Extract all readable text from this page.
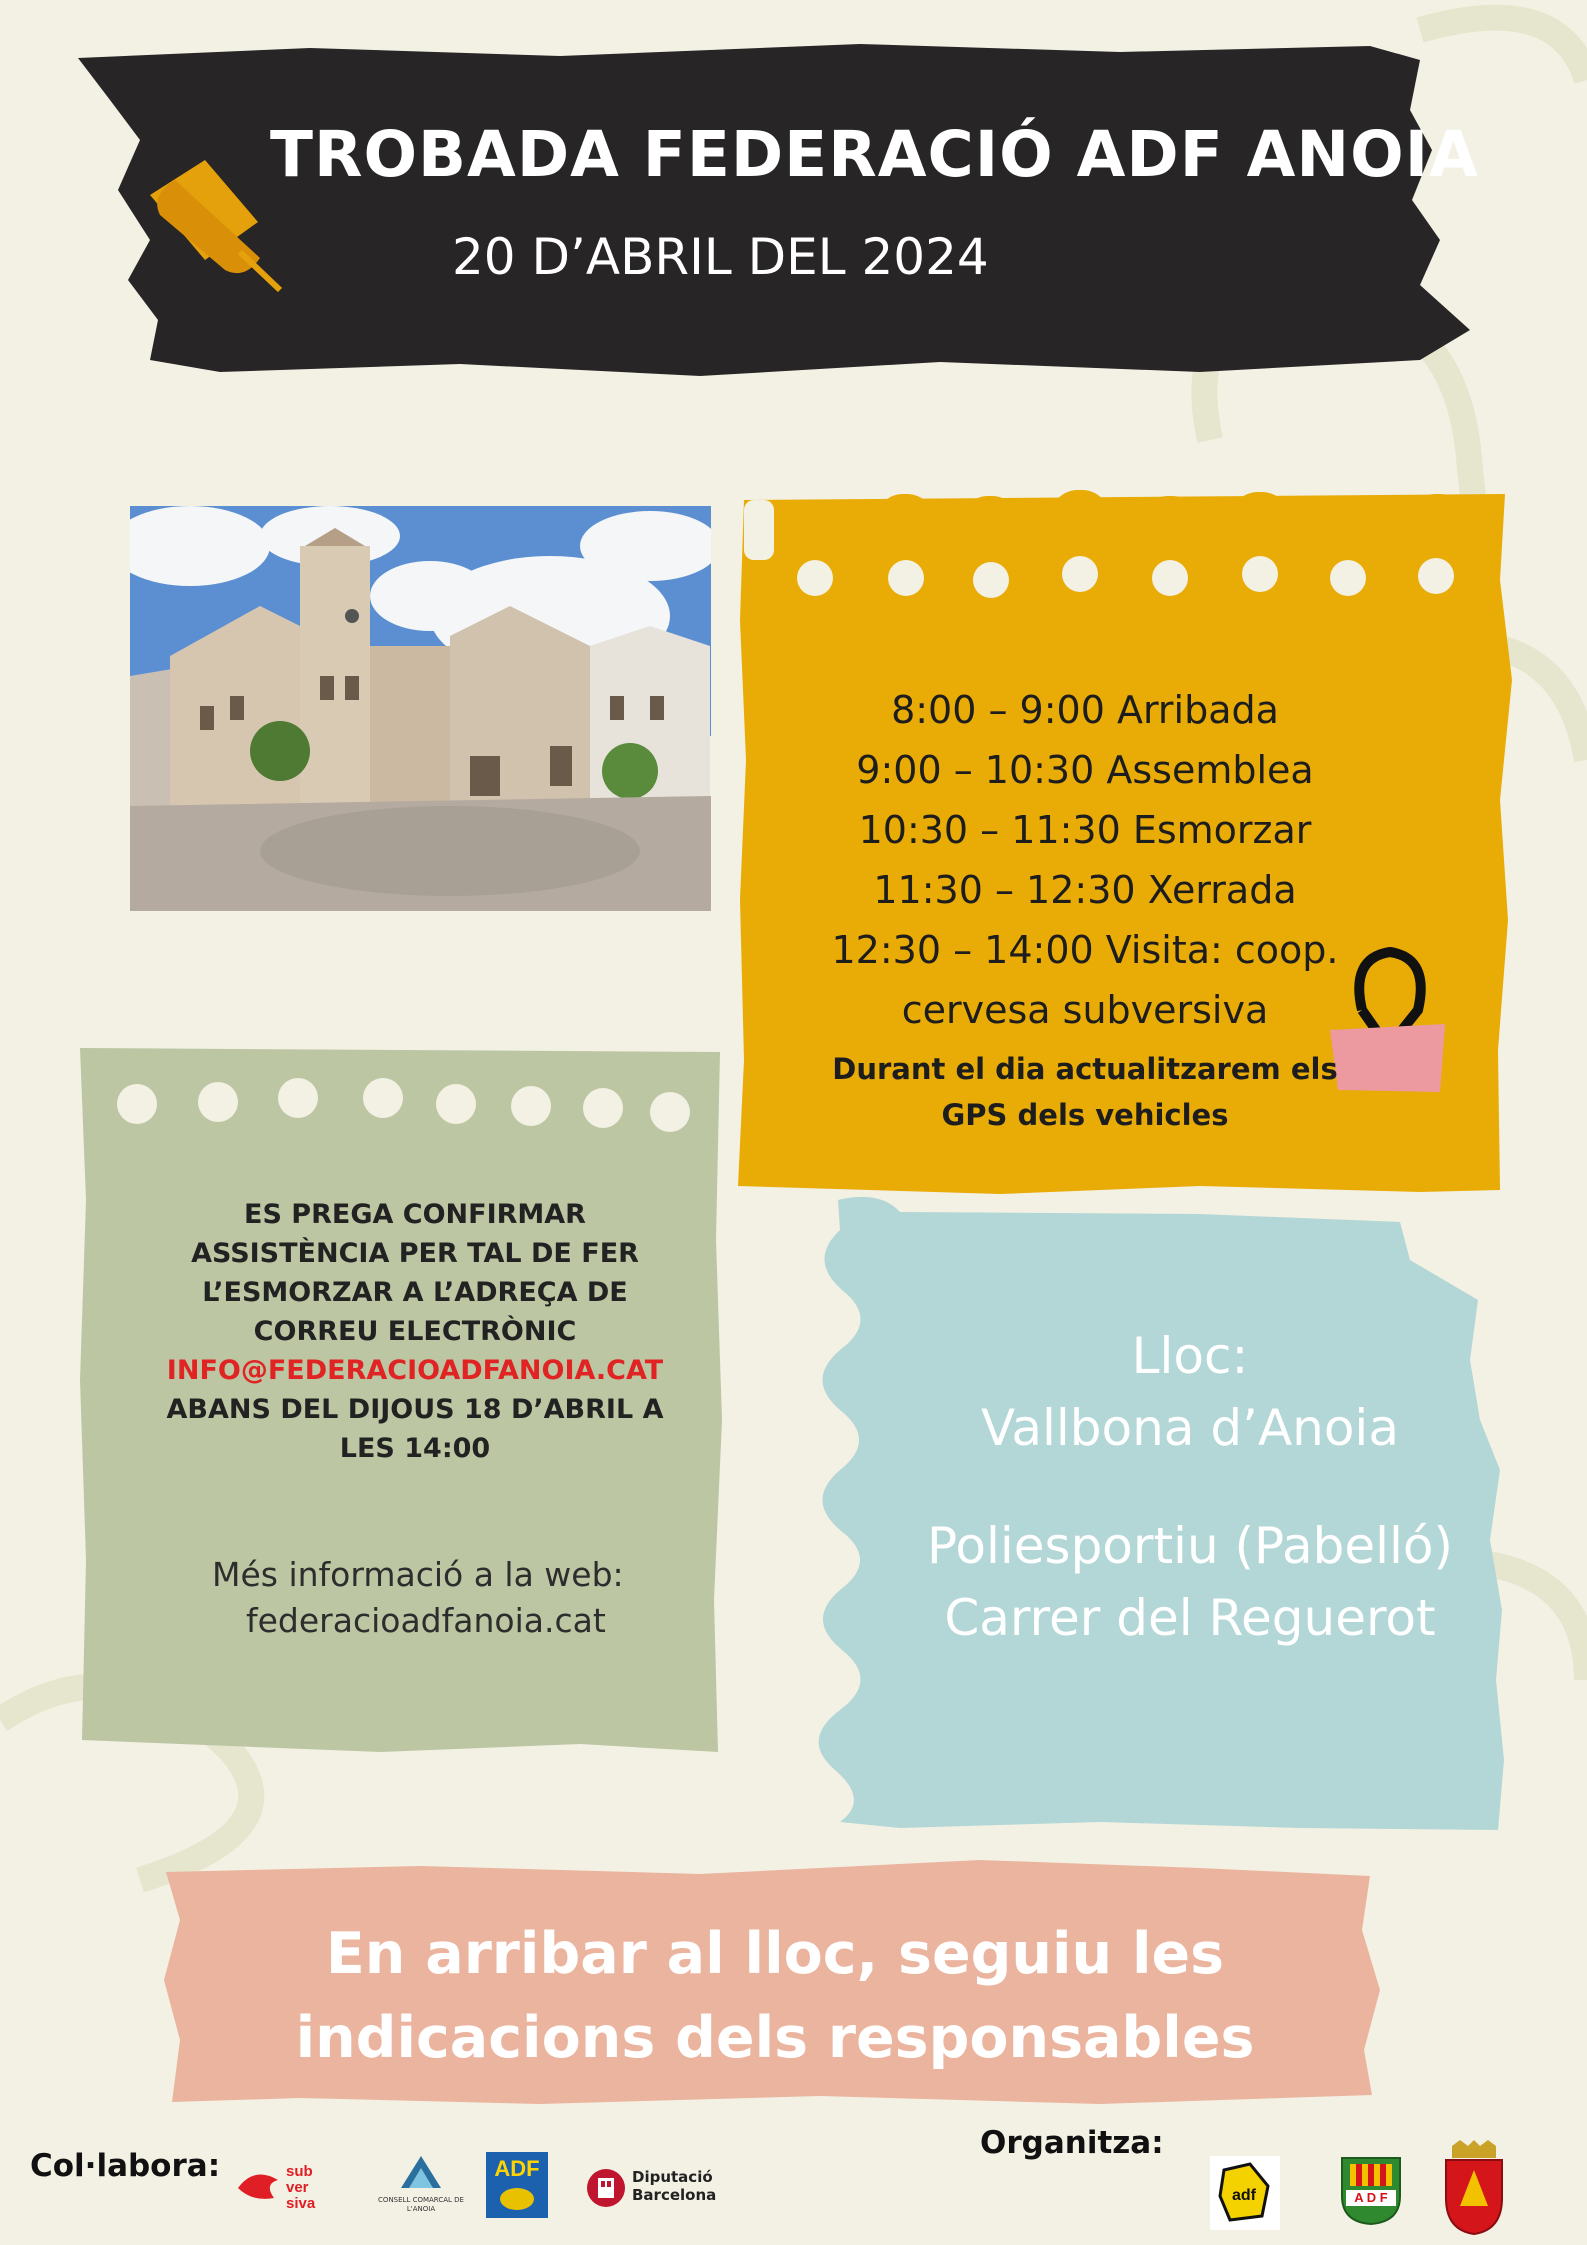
TROBADA FEDERACIÓ ADF ANOIA
20 D’ABRIL DEL 2024
8:00 – 9:00 Arribada
9:00 – 10:30 Assemblea
10:30 – 11:30 Esmorzar
11:30 – 12:30 Xerrada
12:30 – 14:00 Visita: coop.
cervesa subversiva
Durant el dia actualitzarem els
GPS dels vehicles
ES PREGA CONFIRMAR
ASSISTÈNCIA PER TAL DE FER
L’ESMORZAR A L’ADREÇA DE
CORREU ELECTRÒNIC
INFO@FEDERACIOADFANOIA.CAT
ABANS DEL DIJOUS 18 D’ABRIL A
LES 14:00
Més informació a la web:
federacioadfanoia.cat
Lloc:
Vallbona d’Anoia
Poliesportiu (Pabelló)
Carrer del Reguerot
En arribar al lloc, seguiu les
indicacions dels responsables
Col·labora:
Organitza:
sub
ver
siva	CONSELL COMARCAL DE L'ANOIA
ADF	Diputació
Barcelona	adf	A D F
